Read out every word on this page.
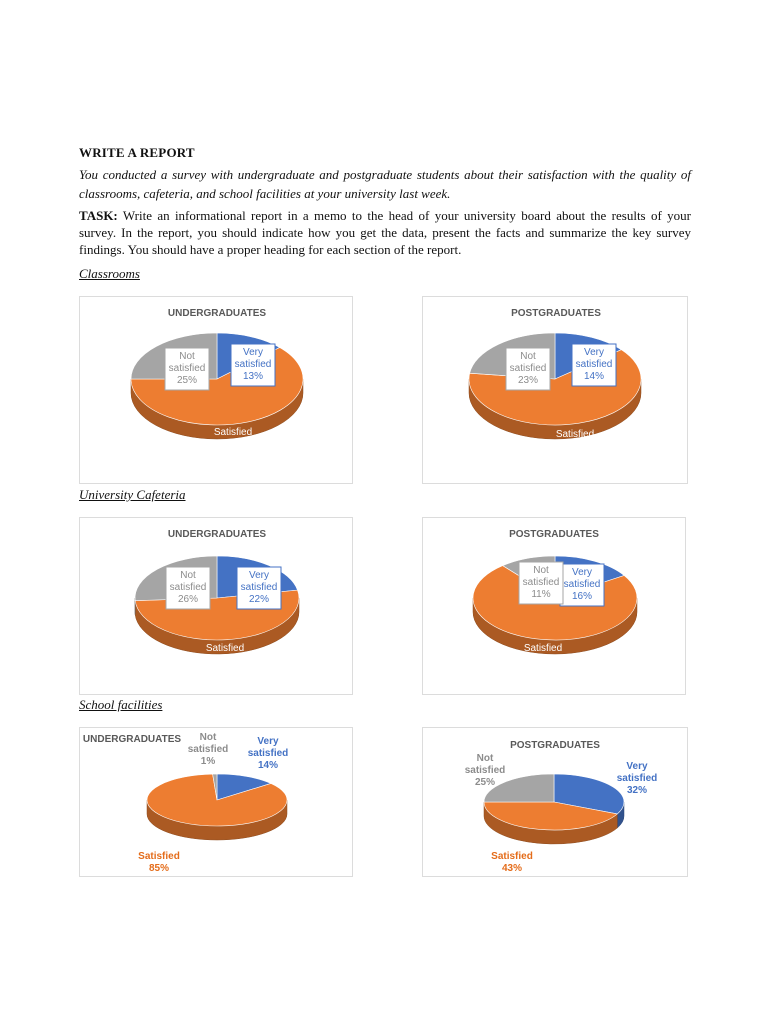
WRITE A REPORT
You conducted a survey with undergraduate and postgraduate students about their satisfaction with the quality of classrooms, cafeteria, and school facilities at your university last week.
TASK: Write an informational report in a memo to the head of your university board about the results of your survey. In the report, you should indicate how you get the data, present the facts and summarize the key survey findings. You should have a proper heading for each section of the report.
Classrooms
University Cafeteria
School facilities
UNDERGRADUATES
Very
satisfied
13%
Satisfied
62%
Not
satisfied
25%
POSTGRADUATES
Very
satisfied
14%
Satisfied
63%
Not
satisfied
23%
UNDERGRADUATES
Very
satisfied
22%
Satisfied
52%
Not
satisfied
26%
POSTGRADUATES
Very
satisfied
16%
Satisfied
73%
Not
satisfied
11%
UNDERGRADUATES	Very
satisfied
14%
Satisfied
85%
Not
satisfied
1%
POSTGRADUATES
Very
satisfied
32%
Satisfied
43%
Not
satisfied
25%
